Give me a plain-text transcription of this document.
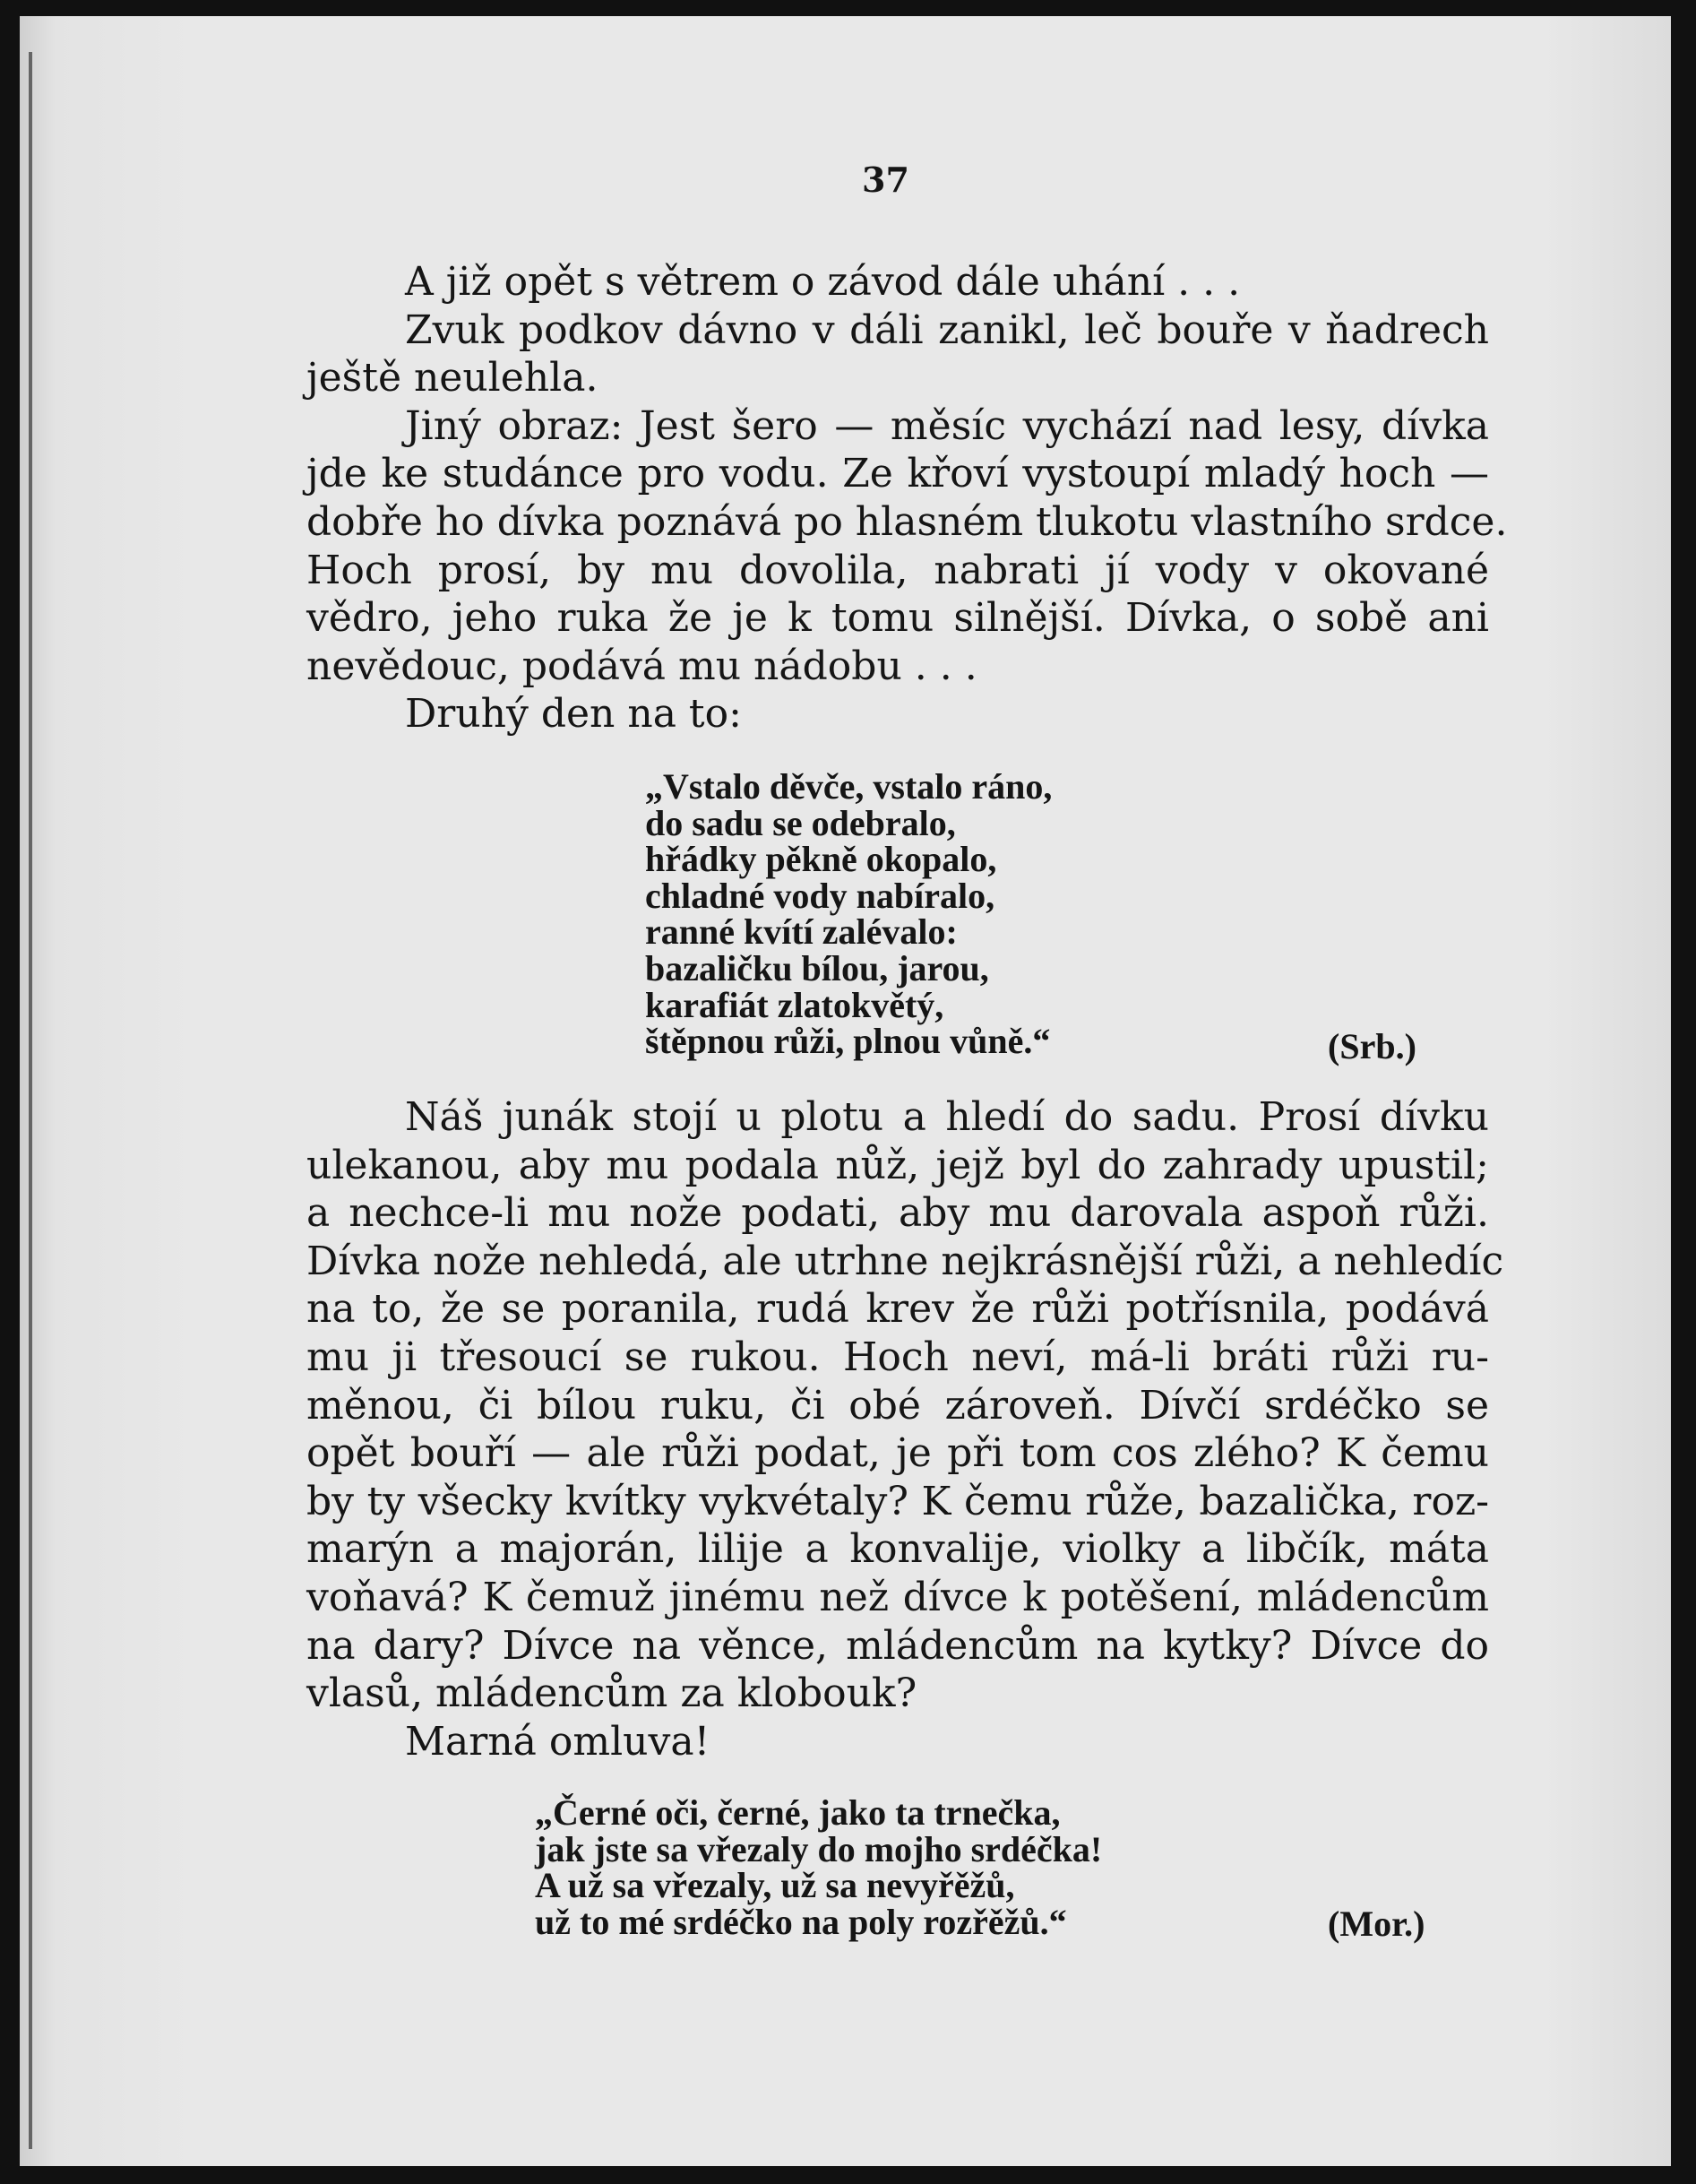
37
A již opět s větrem o závod dále uhání . . .
Zvuk podkov dávno v dáli zanikl, leč bouře v ňadrech
ještě neulehla.
Jiný obraz: Jest šero — měsíc vychází nad lesy, dívka
jde ke studánce pro vodu. Ze křoví vystoupí mladý hoch —
dobře ho dívka poznává po hlasném tlukotu vlastního srdce.
Hoch prosí, by mu dovolila, nabrati jí vody v okované
vědro, jeho ruka že je k tomu silnější. Dívka, o sobě ani
nevědouc, podává mu nádobu . . .
Druhý den na to:
„Vstalo děvče, vstalo ráno,
do sadu se odebralo,
hřádky pěkně okopalo,
chladné vody nabíralo,
ranné kvítí zalévalo:
bazaličku bílou, jarou,
karafiát zlatokvětý,
štěpnou růži, plnou vůně.“	(Srb.)
Náš junák stojí u plotu a hledí do sadu. Prosí dívku
ulekanou, aby mu podala nůž, jejž byl do zahrady upustil;
a nechce-li mu nože podati, aby mu darovala aspoň růži.
Dívka nože nehledá, ale utrhne nejkrásnější růži, a nehledíc
na to, že se poranila, rudá krev že růži potřísnila, podává
mu ji třesoucí se rukou. Hoch neví, má-li bráti růži ru-
měnou, či bílou ruku, či obé zároveň. Dívčí srdéčko se
opět bouří — ale růži podat, je při tom cos zlého? K čemu
by ty všecky kvítky vykvétaly? K čemu růže, bazalička, roz-
marýn a majorán, lilije a konvalije, violky a libčík, máta
voňavá? K čemuž jinému než dívce k potěšení, mládencům
na dary? Dívce na věnce, mládencům na kytky? Dívce do
vlasů, mládencům za klobouk?
Marná omluva!
„Černé oči, černé, jako ta trnečka,
jak jste sa vřezaly do mojho srdéčka!
A už sa vřezaly, už sa nevyřěžů,
už to mé srdéčko na poly rozřěžů.“	(Mor.)
